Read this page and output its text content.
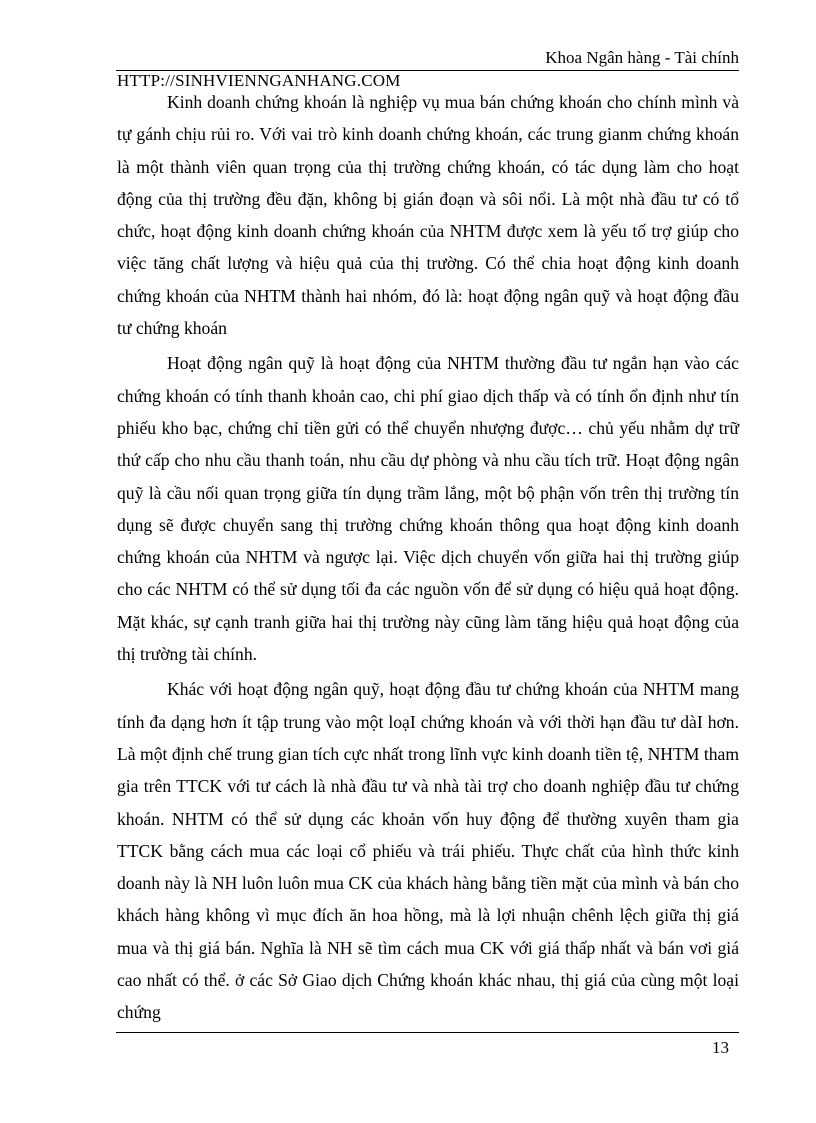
Khoa Ngân hàng - Tài chính
HTTP://SINHVIENNGANHANG.COM

Kinh doanh chứng khoán là nghiệp vụ mua bán chứng khoán cho chính mình và tự gánh chịu rủi ro. Với vai trò kinh doanh chứng khoán, các trung gianm chứng khoán là một thành viên quan trọng của thị trường chứng khoán, có tác dụng làm cho hoạt động của thị trường đều đặn, không bị gián đoạn và sôi nổi. Là một nhà đầu tư có tổ chức, hoạt động kinh doanh chứng khoán của NHTM được xem là yếu tố trợ giúp cho việc tăng chất lượng và hiệu quả của thị trường. Có thể chia hoạt động kinh doanh chứng khoán của NHTM thành hai nhóm, đó là: hoạt động ngân quỹ và hoạt động đầu tư chứng khoán

Hoạt động ngân quỹ là hoạt động của NHTM thường đầu tư ngắn hạn vào các chứng khoán có tính thanh khoản cao, chi phí giao dịch thấp và có tính ổn định như tín phiếu kho bạc, chứng chỉ tiền gửi có thể chuyển nhượng được… chủ yếu nhằm dự trữ thứ cấp cho nhu cầu thanh toán, nhu cầu dự phòng và nhu cầu tích trữ. Hoạt động ngân quỹ là cầu nối quan trọng giữa tín dụng trầm lắng, một bộ phận vốn trên thị trường tín dụng sẽ được chuyển sang thị trường chứng khoán thông qua hoạt động kinh doanh chứng khoán của NHTM và ngược lại. Việc dịch chuyển vốn giữa hai thị trường giúp cho các NHTM có thể sử dụng tối đa các nguồn vốn để sử dụng có hiệu quả hoạt động. Mặt khác, sự cạnh tranh giữa hai thị trường này cũng làm tăng hiệu quả hoạt động của thị trường tài chính.

Khác với hoạt động ngân quỹ, hoạt động đầu tư chứng khoán của NHTM mang tính đa dạng hơn ít tập trung vào một loạI chứng khoán và với thời hạn đầu tư dàI hơn. Là một định chế trung gian tích cực nhất trong lĩnh vực kinh doanh tiền tệ, NHTM tham gia trên TTCK với tư cách là nhà đầu tư và nhà tài trợ cho doanh nghiệp đầu tư chứng khoán. NHTM có thể sử dụng các khoản vốn huy động để thường xuyên tham gia TTCK bằng cách mua các loại cổ phiếu và trái phiếu. Thực chất của hình thức kinh doanh này là NH luôn luôn mua CK của khách hàng bằng tiền mặt của mình và bán cho khách hàng không vì mục đích ăn hoa hồng, mà là lợi nhuận chênh lệch giữa thị giá mua và thị giá bán. Nghĩa là NH sẽ tìm cách mua CK với giá thấp nhất và bán vơi giá cao nhất có thể. ở các Sở Giao dịch Chứng khoán khác nhau, thị giá của cùng một loại chứng

13
